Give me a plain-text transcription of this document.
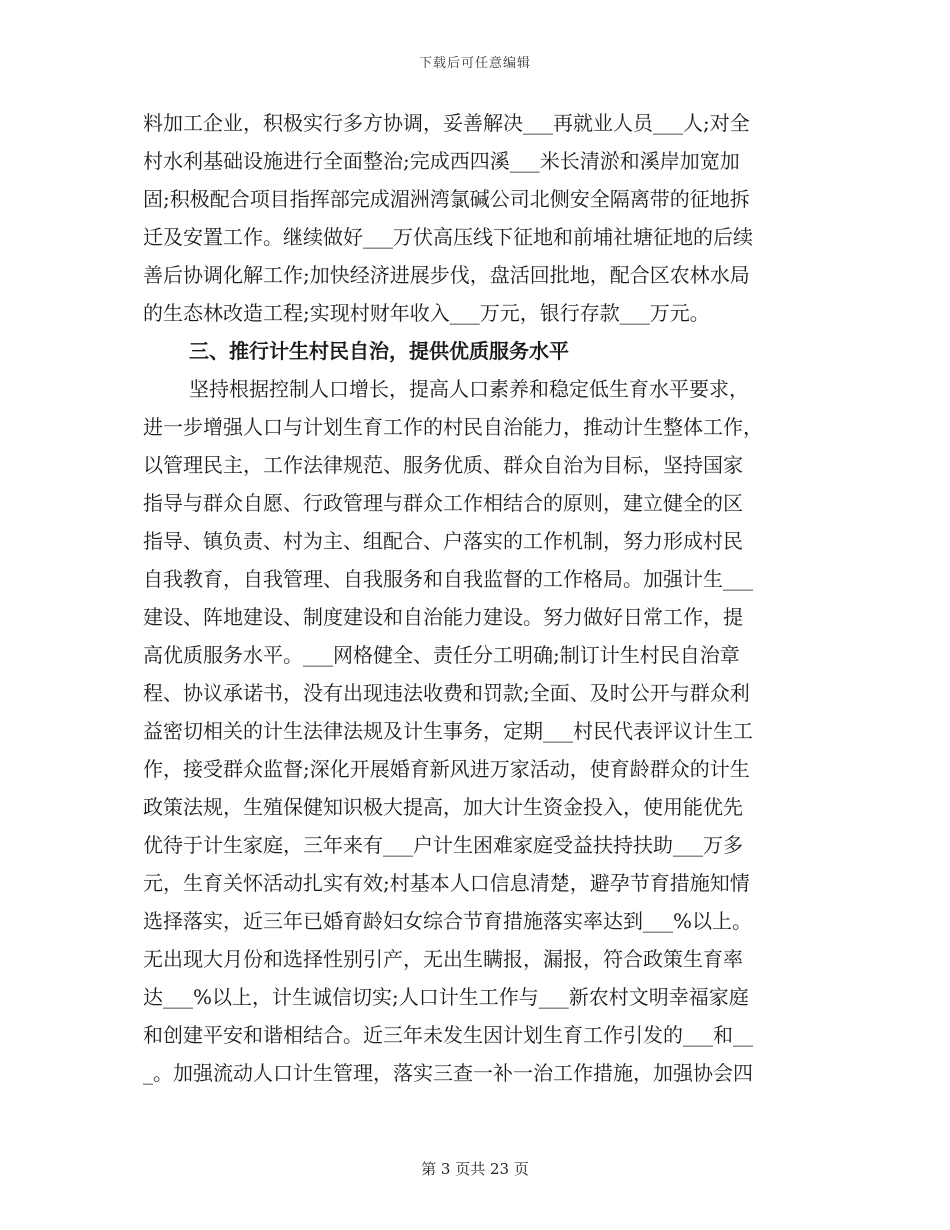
下载后可任意编辑
料加工企业，积极实行多方协调，妥善解决___再就业人员___人;对全
村水利基础设施进行全面整治;完成西四溪___米长清淤和溪岸加宽加
固;积极配合项目指挥部完成湄洲湾氯碱公司北侧安全隔离带的征地拆
迁及安置工作。继续做好___万伏高压线下征地和前埔社塘征地的后续
善后协调化解工作;加快经济进展步伐，盘活回批地，配合区农林水局
的生态林改造工程;实现村财年收入___万元，银行存款___万元。
三、推行计生村民自治，提供优质服务水平
坚持根据控制人口增长，提高人口素养和稳定低生育水平要求，
进一步增强人口与计划生育工作的村民自治能力，推动计生整体工作，
以管理民主，工作法律规范、服务优质、群众自治为目标，坚持国家
指导与群众自愿、行政管理与群众工作相结合的原则，建立健全的区
指导、镇负责、村为主、组配合、户落实的工作机制，努力形成村民
自我教育，自我管理、自我服务和自我监督的工作格局。加强计生___
建设、阵地建设、制度建设和自治能力建设。努力做好日常工作，提
高优质服务水平。___网格健全、责任分工明确;制订计生村民自治章
程、协议承诺书，没有出现违法收费和罚款;全面、及时公开与群众利
益密切相关的计生法律法规及计生事务，定期___村民代表评议计生工
作，接受群众监督;深化开展婚育新风进万家活动，使育龄群众的计生
政策法规，生殖保健知识极大提高，加大计生资金投入，使用能优先
优待于计生家庭，三年来有___户计生困难家庭受益扶持扶助___万多
元，生育关怀活动扎实有效;村基本人口信息清楚，避孕节育措施知情
选择落实，近三年已婚育龄妇女综合节育措施落实率达到___%以上。
无出现大月份和选择性别引产，无出生瞒报，漏报，符合政策生育率
达___%以上，计生诚信切实;人口计生工作与___新农村文明幸福家庭
和创建平安和谐相结合。近三年未发生因计划生育工作引发的___和__
_。加强流动人口计生管理，落实三查一补一治工作措施，加强协会四
第 3 页共 23 页
